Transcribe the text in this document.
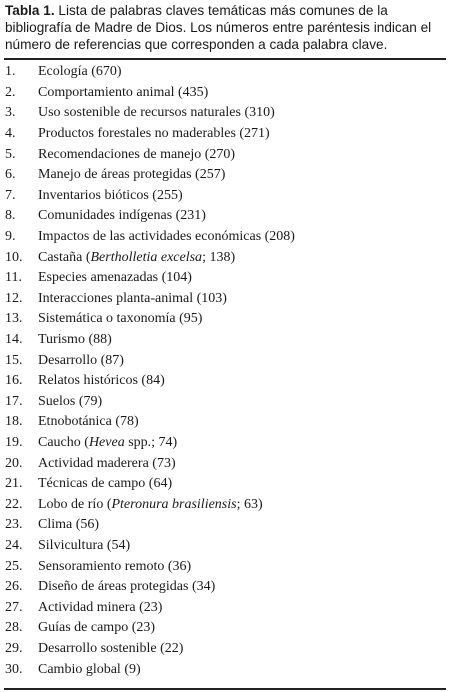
Tabla 1. Lista de palabras claves temáticas más comunes de la bibliografía de Madre de Dios. Los números entre paréntesis indican el número de referencias que corresponden a cada palabra clave.
1.	Ecología (670)
2.	Comportamiento animal (435)
3.	Uso sostenible de recursos naturales (310)
4.	Productos forestales no maderables (271)
5.	Recomendaciones de manejo (270)
6.	Manejo de áreas protegidas (257)
7.	Inventarios bióticos (255)
8.	Comunidades indígenas (231)
9.	Impactos de las actividades económicas (208)
10.	Castaña (Bertholletia excelsa; 138)
11.	Especies amenazadas (104)
12.	Interacciones planta-animal (103)
13.	Sistemática o taxonomía (95)
14.	Turismo (88)
15.	Desarrollo (87)
16.	Relatos históricos (84)
17.	Suelos (79)
18.	Etnobotánica (78)
19.	Caucho (Hevea spp.; 74)
20.	Actividad maderera (73)
21.	Técnicas de campo (64)
22.	Lobo de río (Pteronura brasiliensis; 63)
23.	Clima (56)
24.	Silvicultura (54)
25.	Sensoramiento remoto (36)
26.	Diseño de áreas protegidas (34)
27.	Actividad minera (23)
28.	Guías de campo (23)
29.	Desarrollo sostenible (22)
30.	Cambio global (9)
